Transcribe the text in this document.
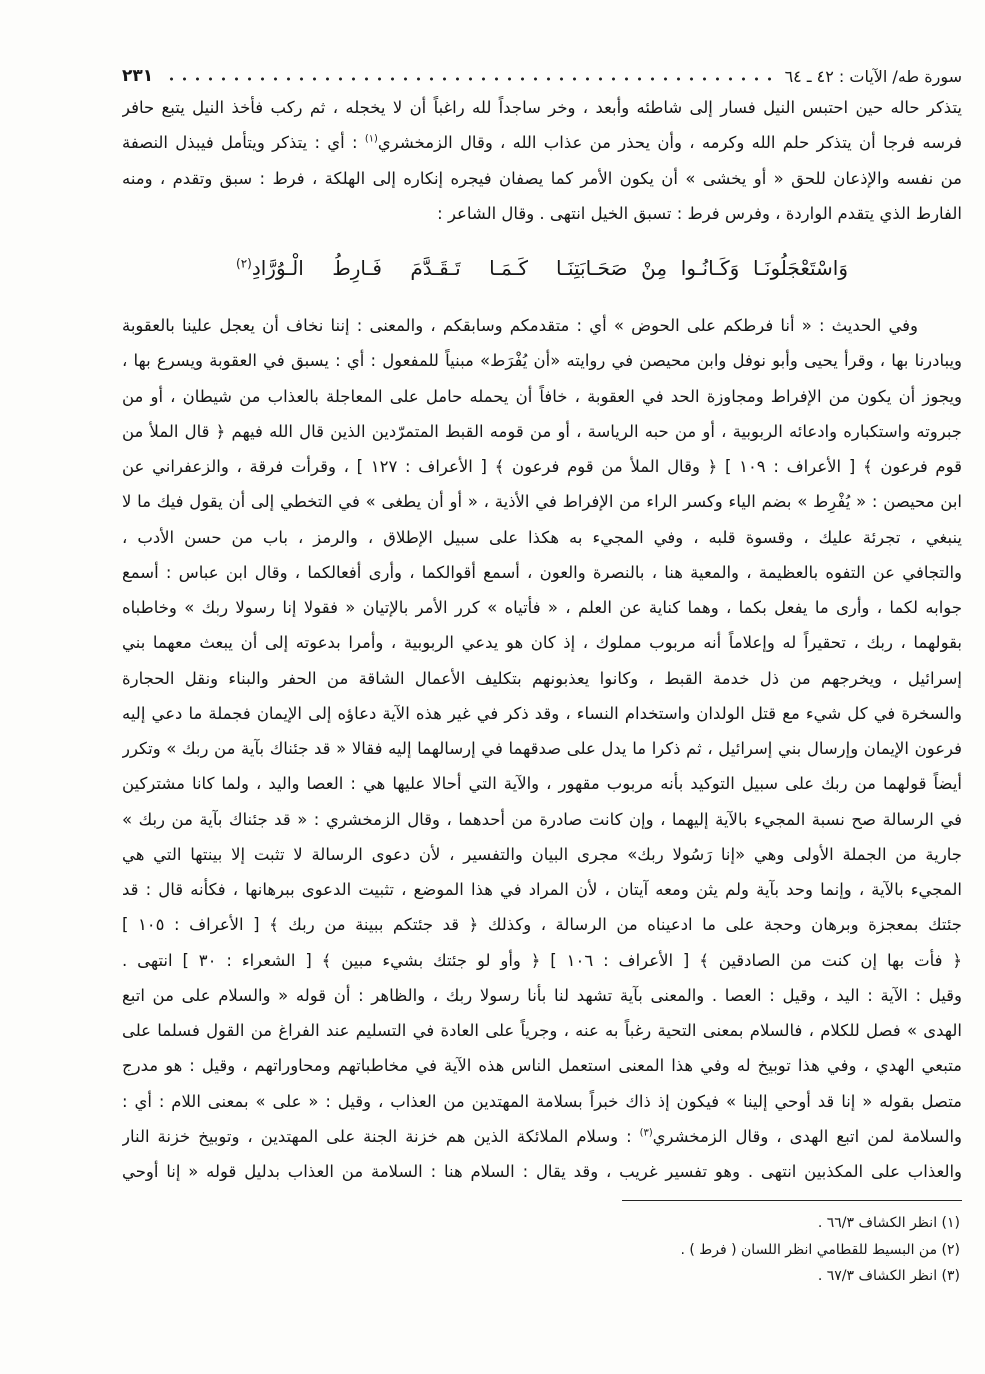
سورة طه/ الآيات : ٤٢ ـ ٦٤
٢٣١
يتذكر حاله حين احتبس النيل فسار إلى شاطئه وأبعد ، وخر ساجداً لله راغباً أن لا يخجله ، ثم ركب فأخذ النيل يتبع حافر
فرسه فرجا أن يتذكر حلم الله وكرمه ، وأن يحذر من عذاب الله ، وقال الزمخشري$^{(١)}$ : أي : يتذكر ويتأمل فيبذل النصفة
من نفسه والإذعان للحق « أو يخشى » أن يكون الأمر كما يصفان فيجره إنكاره إلى الهلكة ، فرط : سبق وتقدم ، ومنه
الفارط الذي يتقدم الواردة ، وفرس فرط : تسبق الخيل انتهى . وقال الشاعر :
وَاسْتَعْجَلُونَـا وَكَـانُـوا مِنْ صَحَـابَتِنَـا
كَـمَـا تَـقَـدَّمَ فَـارِطُ الْـوُرَّادِ$^{(٢)}$
وفي الحديث : « أنا فرطكم على الحوض » أي : متقدمكم وسابقكم ، والمعنى : إننا نخاف أن يعجل علينا بالعقوبة
ويبادرنا بها ، وقرأ يحيى وأبو نوفل وابن محيصن في روايته «أن يُفْرَط» مبنياً للمفعول : أي : يسبق في العقوبة ويسرع بها ،
ويجوز أن يكون من الإفراط ومجاوزة الحد في العقوبة ، خافاً أن يحمله حامل على المعاجلة بالعذاب من شيطان ، أو من
جبروته واستكباره وادعائه الربوبية ، أو من حبه الرياسة ، أو من قومه القبط المتمرّدين الذين قال الله فيهم ﴿ قال الملأ من
قوم فرعون ﴾ [ الأعراف : ١٠٩ ] ﴿ وقال الملأ من قوم فرعون ﴾ [ الأعراف : ١٢٧ ] ، وقرأت فرقة ، والزعفراني عن
ابن محيصن : « يُفْرِط » بضم الياء وكسر الراء من الإفراط في الأذية ، « أو أن يطغى » في التخطي إلى أن يقول فيك ما لا
ينبغي ، تجرئة عليك ، وقسوة قلبه ، وفي المجيء به هكذا على سبيل الإطلاق ، والرمز ، باب من حسن الأدب ،
والتجافي عن التفوه بالعظيمة ، والمعية هنا ، بالنصرة والعون ، أسمع أقوالكما ، وأرى أفعالكما ، وقال ابن عباس : أسمع
جوابه لكما ، وأرى ما يفعل بكما ، وهما كناية عن العلم ، « فأتياه » كرر الأمر بالإتيان « فقولا إنا رسولا ربك » وخاطباه
بقولهما ، ربك ، تحقيراً له وإعلاماً أنه مربوب مملوك ، إذ كان هو يدعي الربوبية ، وأمرا بدعوته إلى أن يبعث معهما بني
إسرائيل ، ويخرجهم من ذل خدمة القبط ، وكانوا يعذبونهم بتكليف الأعمال الشاقة من الحفر والبناء ونقل الحجارة
والسخرة في كل شيء مع قتل الولدان واستخدام النساء ، وقد ذكر في غير هذه الآية دعاؤه إلى الإيمان فجملة ما دعي إليه
فرعون الإيمان وإرسال بني إسرائيل ، ثم ذكرا ما يدل على صدقهما في إرسالهما إليه فقالا « قد جئناك بآية من ربك » وتكرر
أيضاً قولهما من ربك على سبيل التوكيد بأنه مربوب مقهور ، والآية التي أحالا عليها هي : العصا واليد ، ولما كانا مشتركين
في الرسالة صح نسبة المجيء بالآية إليهما ، وإن كانت صادرة من أحدهما ، وقال الزمخشري : « قد جئناك بآية من ربك »
جارية من الجملة الأولى وهي «إنا رَسُولا ربك» مجرى البيان والتفسير ، لأن دعوى الرسالة لا تثبت إلا بينتها التي هي
المجيء بالآية ، وإنما وحد بآية ولم يثن ومعه آيتان ، لأن المراد في هذا الموضع ، تثبيت الدعوى ببرهانها ، فكأنه قال : قد
جئتك بمعجزة وبرهان وحجة على ما ادعيناه من الرسالة ، وكذلك ﴿ قد جئتكم ببينة من ربك ﴾ [ الأعراف : ١٠٥ ]
﴿ فأت بها إن كنت من الصادقين ﴾ [ الأعراف : ١٠٦ ] ﴿ وأو لو جئتك بشيء مبين ﴾ [ الشعراء : ٣٠ ] انتهى .
وقيل : الآية : اليد ، وقيل : العصا . والمعنى بآية تشهد لنا بأنا رسولا ربك ، والظاهر : أن قوله « والسلام على من اتبع
الهدى » فصل للكلام ، فالسلام بمعنى التحية رغباً به عنه ، وجرياً على العادة في التسليم عند الفراغ من القول فسلما على
متبعي الهدي ، وفي هذا توبيخ له وفي هذا المعنى استعمل الناس هذه الآية في مخاطباتهم ومحاوراتهم ، وقيل : هو مدرج
متصل بقوله « إنا قد أوحي إلينا » فيكون إذ ذاك خبراً بسلامة المهتدين من العذاب ، وقيل : « على » بمعنى اللام : أي :
والسلامة لمن اتبع الهدى ، وقال الزمخشري$^{(٣)}$ : وسلام الملائكة الذين هم خزنة الجنة على المهتدين ، وتوبيخ خزنة النار
والعذاب على المكذبين انتهى . وهو تفسير غريب ، وقد يقال : السلام هنا : السلامة من العذاب بدليل قوله « إنا أوحي
(١) انظر الكشاف ٦٦/٣ .
(٢) من البسيط للقطامي انظر اللسان ( فرط ) .
(٣) انظر الكشاف ٦٧/٣ .
